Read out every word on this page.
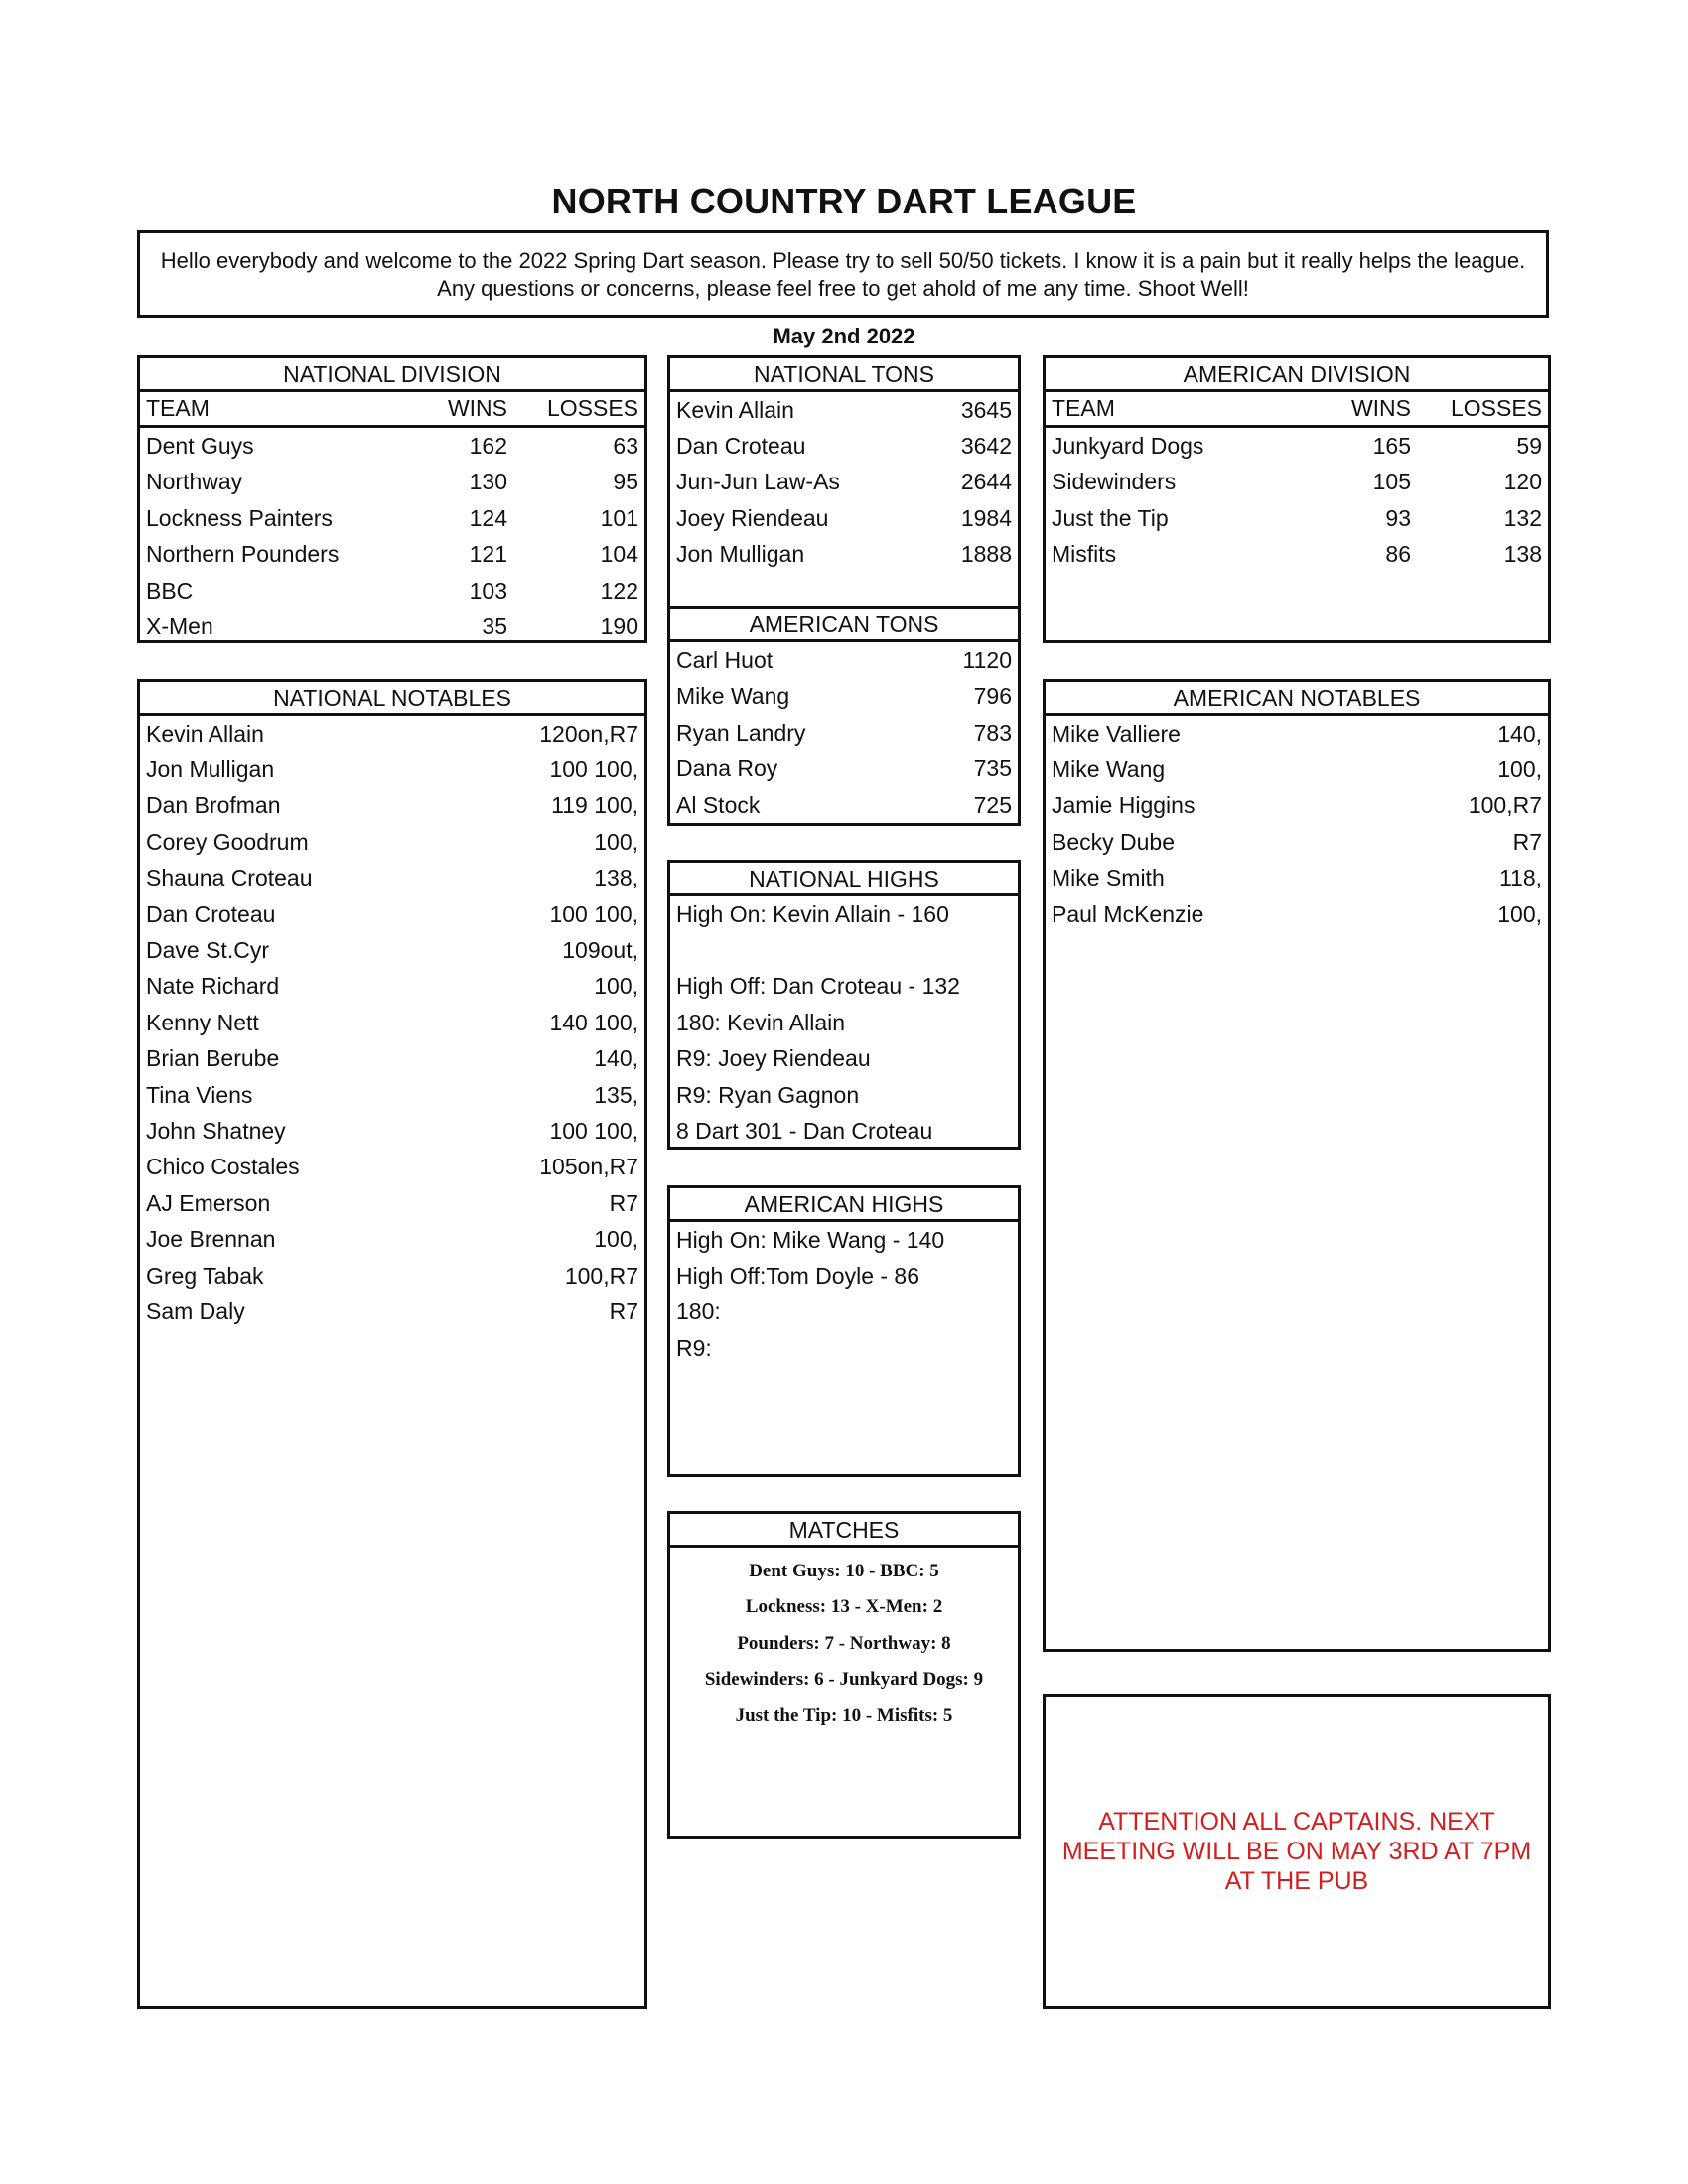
NORTH COUNTRY DART LEAGUE
Hello everybody and welcome to the 2022 Spring Dart season. Please try to sell 50/50 tickets. I know it is a pain but it really helps the league. Any questions or concerns, please feel free to get ahold of me any time. Shoot Well!
May 2nd 2022
NATIONAL DIVISION
TEAM	WINS	LOSSES
Dent Guys	162	63
Northway	130	95
Lockness Painters	124	101
Northern Pounders	121	104
BBC	103	122
X-Men	35	190
NATIONAL TONS
Kevin Allain	3645
Dan Croteau	3642
Jun-Jun Law-As	2644
Joey Riendeau	1984
Jon Mulligan	1888
AMERICAN TONS
Carl Huot	1120
Mike Wang	796
Ryan Landry	783
Dana Roy	735
Al Stock	725
AMERICAN DIVISION
TEAM	WINS	LOSSES
Junkyard Dogs	165	59
Sidewinders	105	120
Just the Tip	93	132
Misfits	86	138
NATIONAL NOTABLES
Kevin Allain	120on,R7
Jon Mulligan	100 100,
Dan Brofman	119 100,
Corey Goodrum	100,
Shauna Croteau	138,
Dan Croteau	100 100,
Dave St.Cyr	109out,
Nate Richard	100,
Kenny Nett	140 100,
Brian Berube	140,
Tina Viens	135,
John Shatney	100 100,
Chico Costales	105on,R7
AJ Emerson	R7
Joe Brennan	100,
Greg Tabak	100,R7
Sam Daly	R7
AMERICAN NOTABLES
Mike Valliere	140,
Mike Wang	100,
Jamie Higgins	100,R7
Becky Dube	R7
Mike Smith	118,
Paul McKenzie	100,
NATIONAL HIGHS
High On: Kevin Allain - 160
High Off: Dan Croteau - 132
180: Kevin Allain
R9: Joey Riendeau
R9: Ryan Gagnon
8 Dart 301 - Dan Croteau
AMERICAN HIGHS
High On: Mike Wang - 140
High Off:Tom Doyle - 86
180:
R9:
MATCHES
Dent Guys: 10 - BBC: 5
Lockness: 13 - X-Men: 2
Pounders: 7 - Northway: 8
Sidewinders: 6 - Junkyard Dogs: 9
Just the Tip: 10 - Misfits: 5
ATTENTION ALL CAPTAINS. NEXT MEETING WILL BE ON MAY 3RD AT 7PM AT THE PUB
